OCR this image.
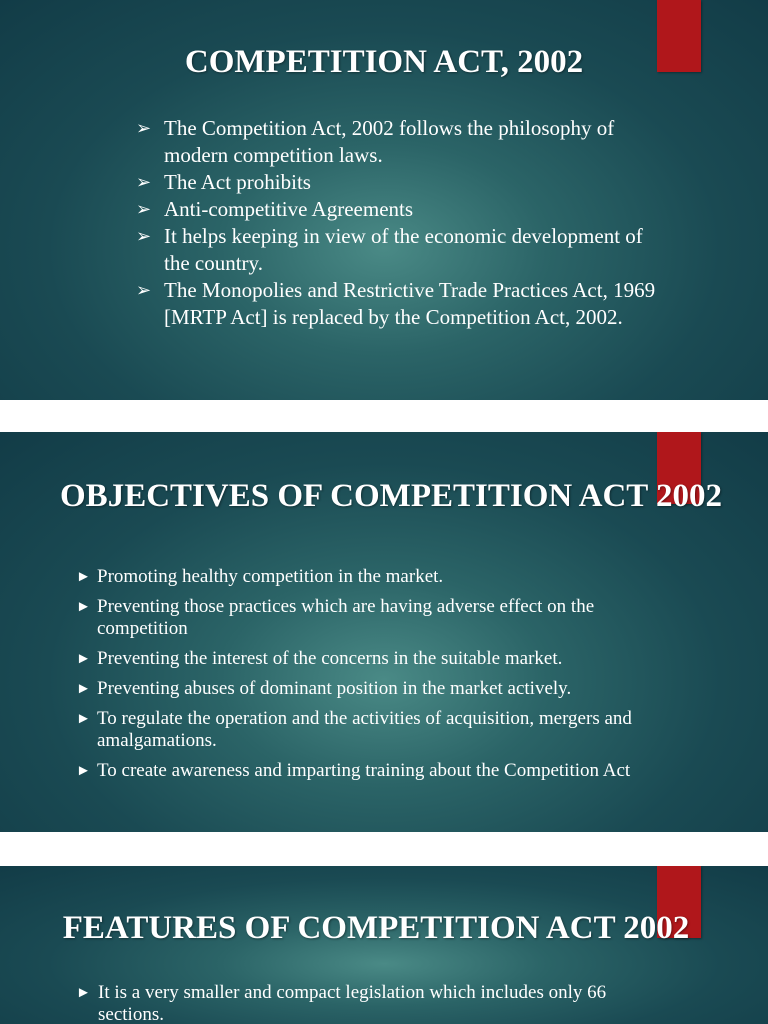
COMPETITION ACT, 2002
➢ The Competition Act, 2002 follows the philosophy of modern competition laws.
➢ The Act prohibits
➢ Anti-competitive Agreements
➢ It helps keeping in view of the economic development of the country.
➢ The Monopolies and Restrictive Trade Practices Act, 1969 [MRTP Act] is replaced by the Competition Act, 2002.
OBJECTIVES OF COMPETITION ACT 2002
► Promoting healthy competition in the market.
► Preventing those practices which are having adverse effect on the competition
► Preventing the interest of the concerns in the suitable market.
► Preventing abuses of dominant position in the market actively.
► To regulate the operation and the activities of acquisition, mergers and amalgamations.
► To create awareness and imparting training about the Competition Act
FEATURES OF COMPETITION ACT 2002
► It is a very smaller and compact legislation which includes only 66 sections.
